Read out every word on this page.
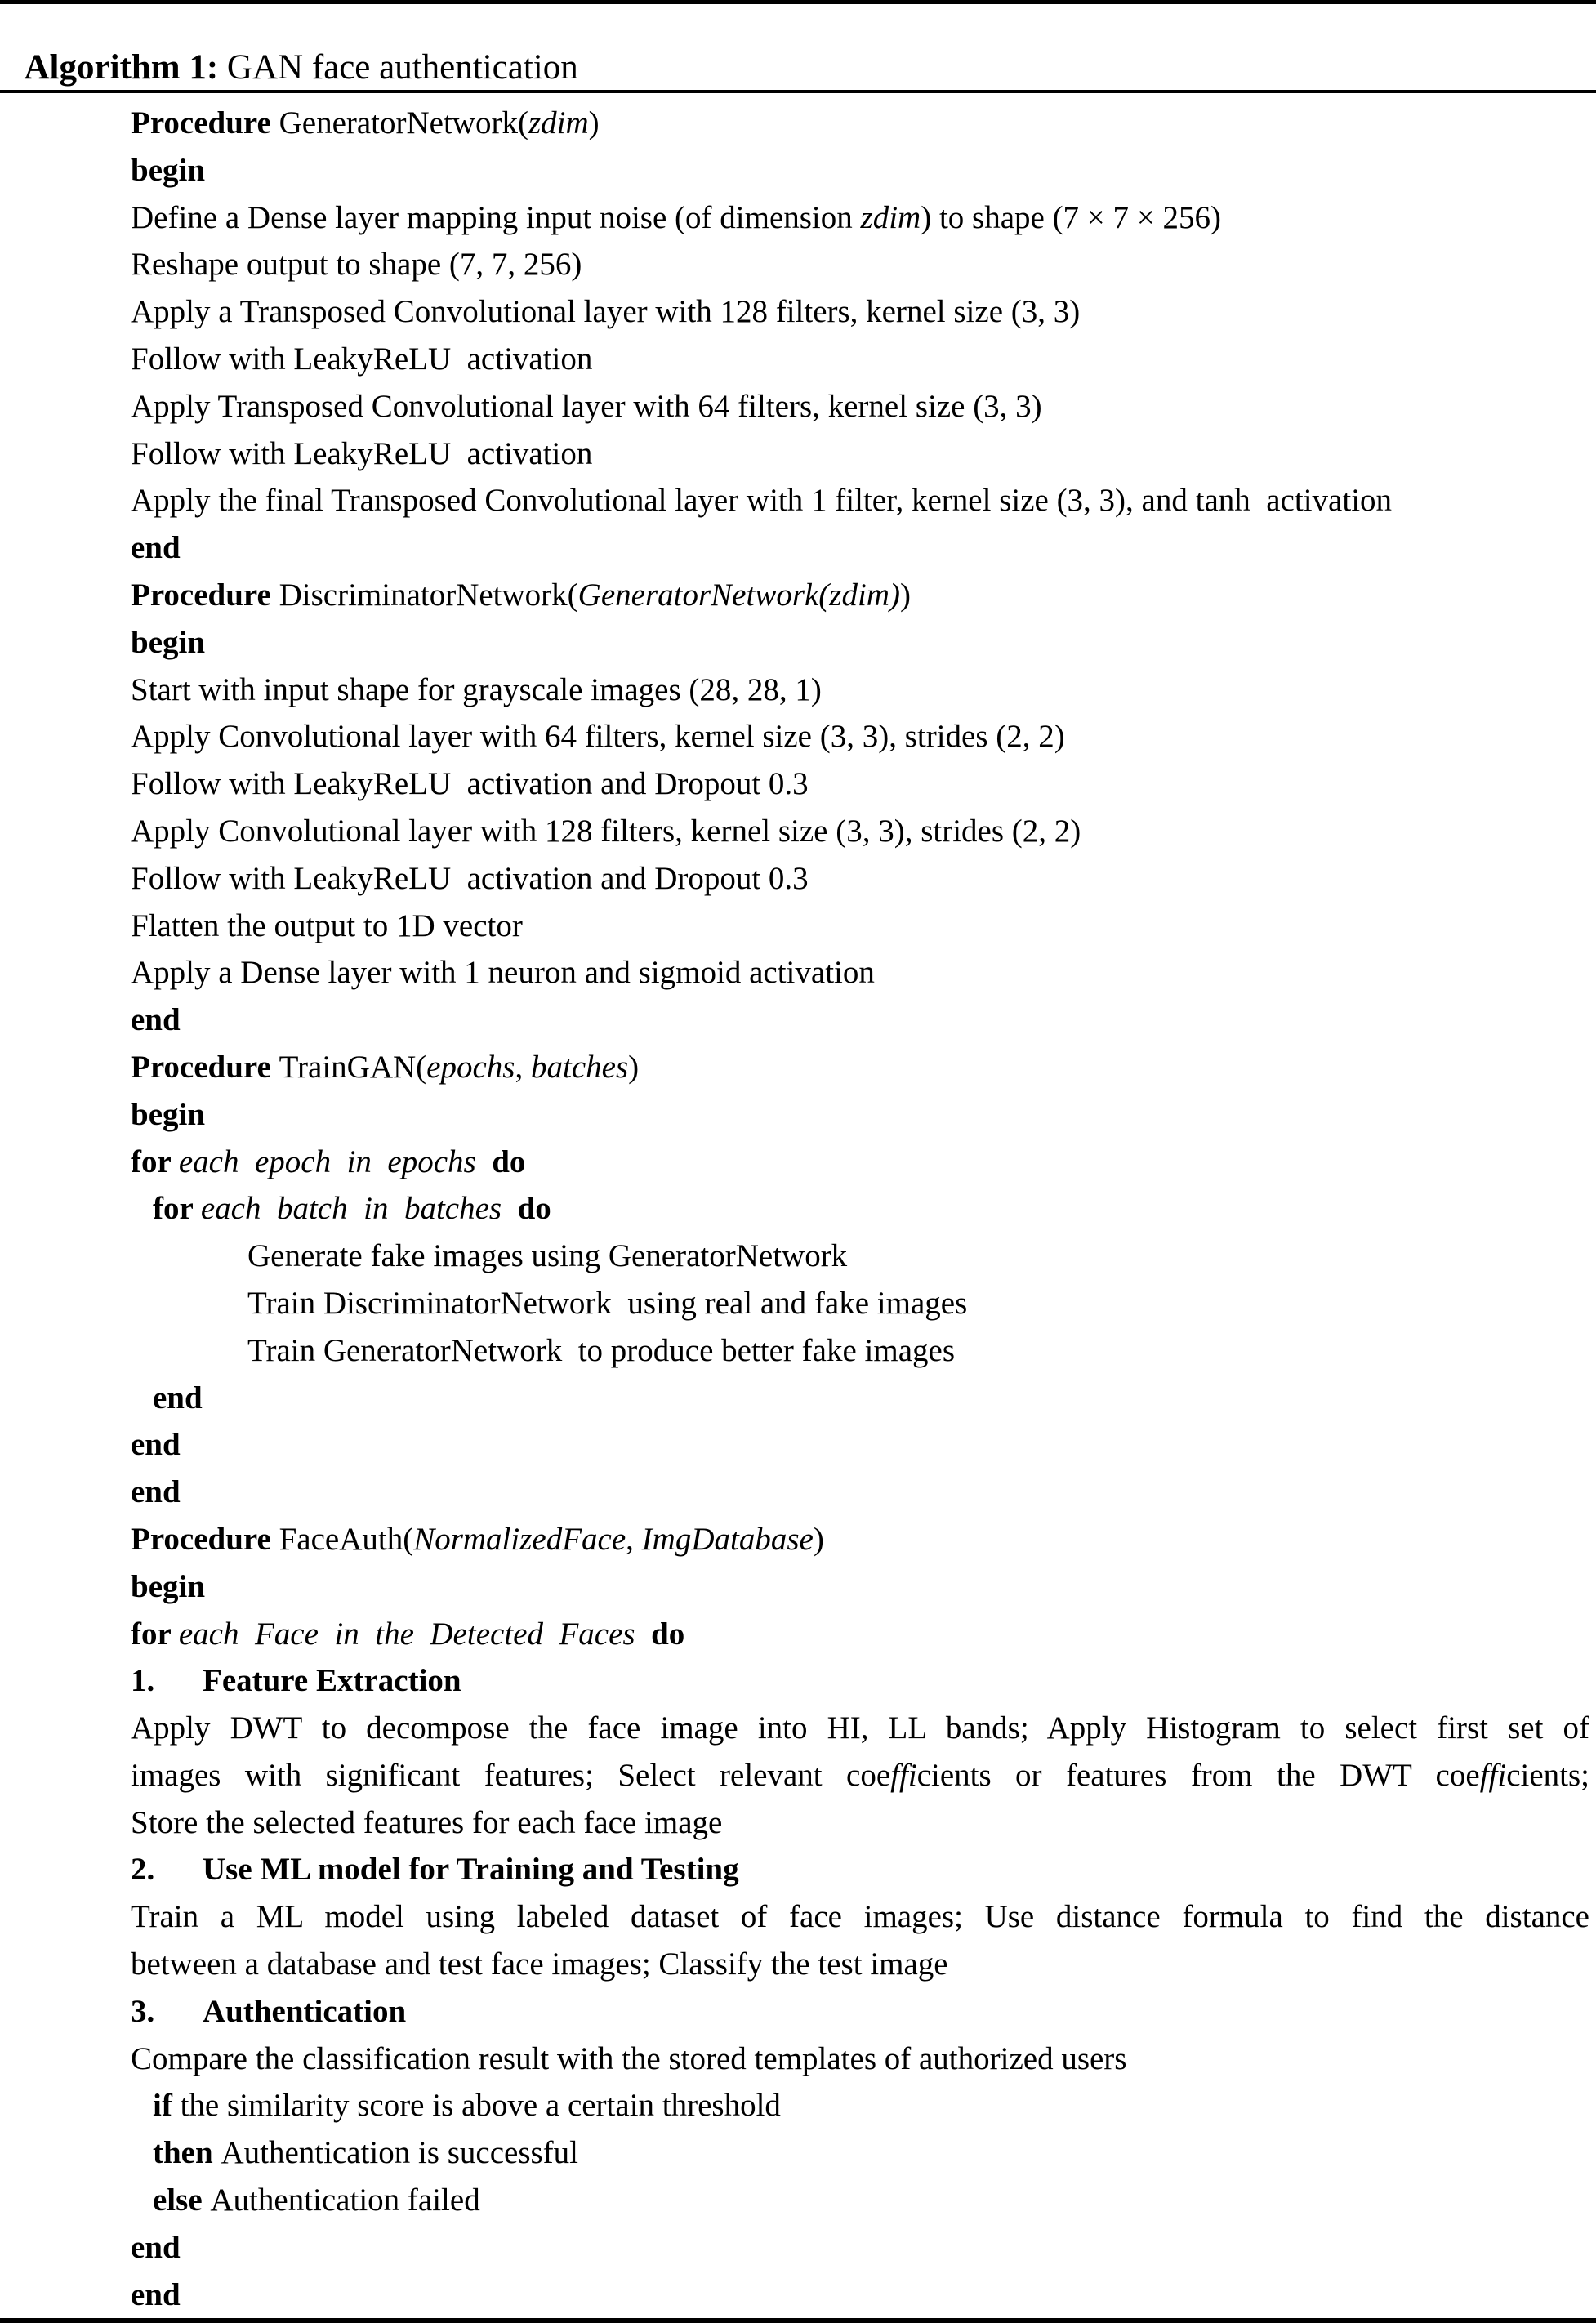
Algorithm 1: GAN face authentication

Procedure GeneratorNetwork(zdim)
begin
Define a Dense layer mapping input noise (of dimension zdim) to shape (7 × 7 × 256)
Reshape output to shape (7, 7, 256)
Apply a Transposed Convolutional layer with 128 filters, kernel size (3, 3)
Follow with LeakyReLU  activation
Apply Transposed Convolutional layer with 64 filters, kernel size (3, 3)
Follow with LeakyReLU  activation
Apply the final Transposed Convolutional layer with 1 filter, kernel size (3, 3), and tanh  activation
end
Procedure DiscriminatorNetwork(GeneratorNetwork(zdim))
begin
Start with input shape for grayscale images (28, 28, 1)
Apply Convolutional layer with 64 filters, kernel size (3, 3), strides (2, 2)
Follow with LeakyReLU  activation and Dropout 0.3
Apply Convolutional layer with 128 filters, kernel size (3, 3), strides (2, 2)
Follow with LeakyReLU  activation and Dropout 0.3
Flatten the output to 1D vector
Apply a Dense layer with 1 neuron and sigmoid activation
end
Procedure TrainGAN(epochs, batches)
begin
for each  epoch  in  epochs do
for each  batch  in  batches do
Generate fake images using GeneratorNetwork
Train DiscriminatorNetwork  using real and fake images
Train GeneratorNetwork  to produce better fake images
end
end
end
Procedure FaceAuth(NormalizedFace, ImgDatabase)
begin
for each  Face  in  the  Detected  Faces do
1. Feature Extraction
Apply DWT to decompose the face image into HI, LL bands; Apply Histogram to select first set of
images with significant features; Select relevant coefficients or features from the DWT coefficients;
Store the selected features for each face image
2. Use ML model for Training and Testing
Train a ML model using labeled dataset of face images; Use distance formula to find the distance
between a database and test face images; Classify the test image
3. Authentication
Compare the classification result with the stored templates of authorized users
if the similarity score is above a certain threshold
then Authentication is successful
else Authentication failed
end
end
